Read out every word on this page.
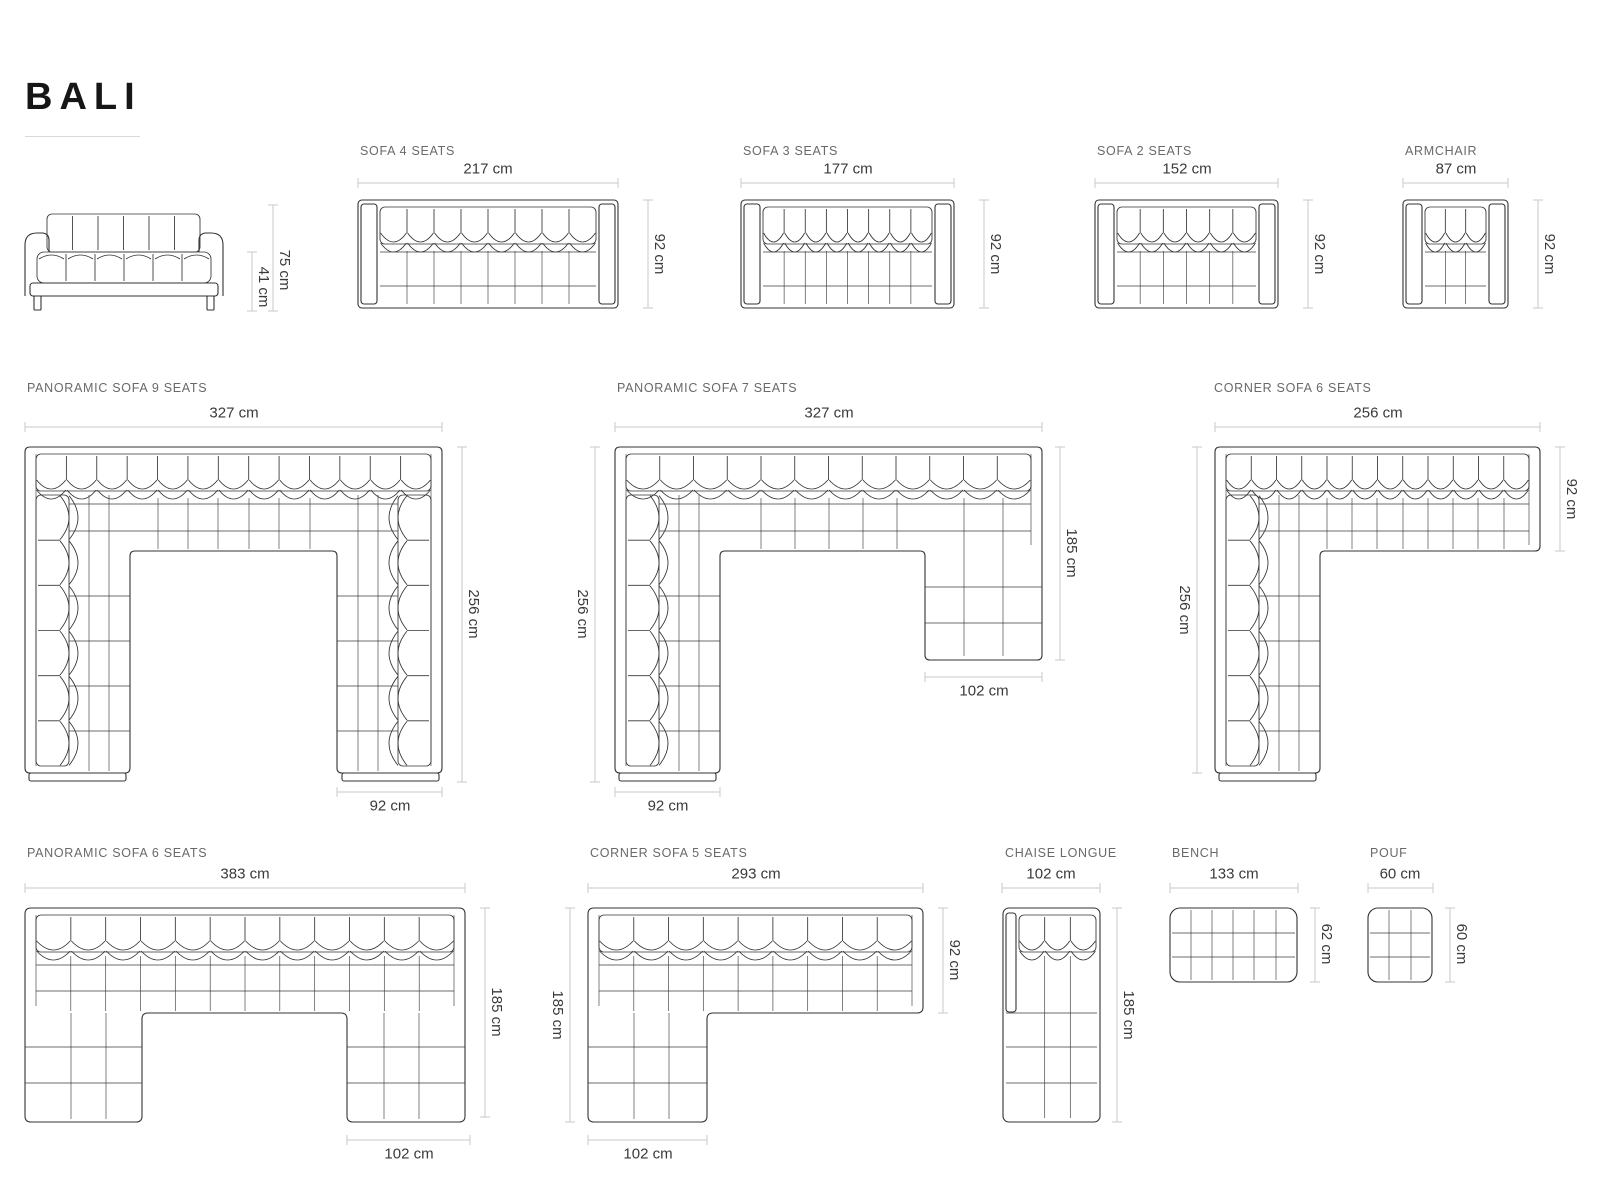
BALI
SOFA 4 SEATS	SOFA 3 SEATS	SOFA 2 SEATS	ARMCHAIR
PANORAMIC SOFA 9 SEATS	PANORAMIC SOFA 7 SEATS	CORNER SOFA 6 SEATS
PANORAMIC SOFA 6 SEATS	CORNER SOFA 5 SEATS	CHAISE LONGUE	BENCH	POUF
75 cm
41 cm
217 cm
92 cm
177 cm
92 cm
152 cm
92 cm
87 cm
92 cm
327 cm
256 cm
92 cm
327 cm
256 cm
185 cm
102 cm
92 cm
256 cm
256 cm
92 cm
383 cm
185 cm
102 cm
293 cm
185 cm
92 cm
102 cm
102 cm
185 cm
133 cm
62 cm
60 cm
60 cm
